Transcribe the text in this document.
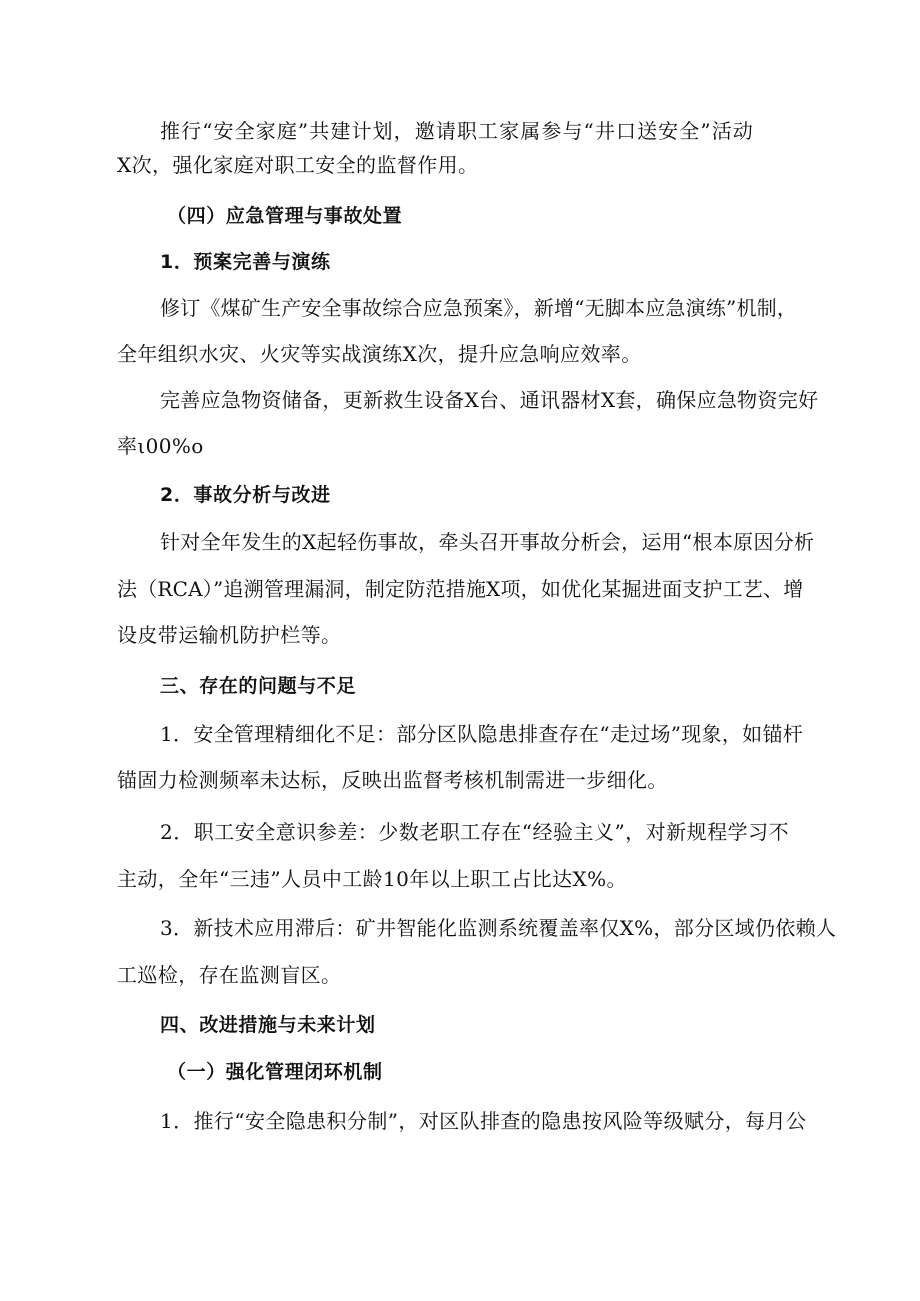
推行“安全家庭”共建计划，邀请职工家属参与“井口送安全”活动
X次，强化家庭对职工安全的监督作用。
（四）应急管理与事故处置
1．预案完善与演练
修订《煤矿生产安全事故综合应急预案》，新增“无脚本应急演练”机制，
全年组织水灾、火灾等实战演练X次，提升应急响应效率。
完善应急物资储备，更新救生设备X台、通讯器材X套，确保应急物资完好
率ι00%o
2．事故分析与改进
针对全年发生的X起轻伤事故，牵头召开事故分析会，运用“根本原因分析
法（RCA）”追溯管理漏洞，制定防范措施X项，如优化某掘进面支护工艺、增
设皮带运输机防护栏等。
三、存在的问题与不足
1．安全管理精细化不足：部分区队隐患排查存在“走过场”现象，如锚杆
锚固力检测频率未达标，反映出监督考核机制需进一步细化。
2．职工安全意识参差：少数老职工存在“经验主义”，对新规程学习不
主动，全年“三违”人员中工龄10年以上职工占比达X%。
3．新技术应用滞后：矿井智能化监测系统覆盖率仅X%，部分区域仍依赖人
工巡检，存在监测盲区。
四、改进措施与未来计划
（一）强化管理闭环机制
1．推行“安全隐患积分制”，对区队排查的隐患按风险等级赋分，每月公
